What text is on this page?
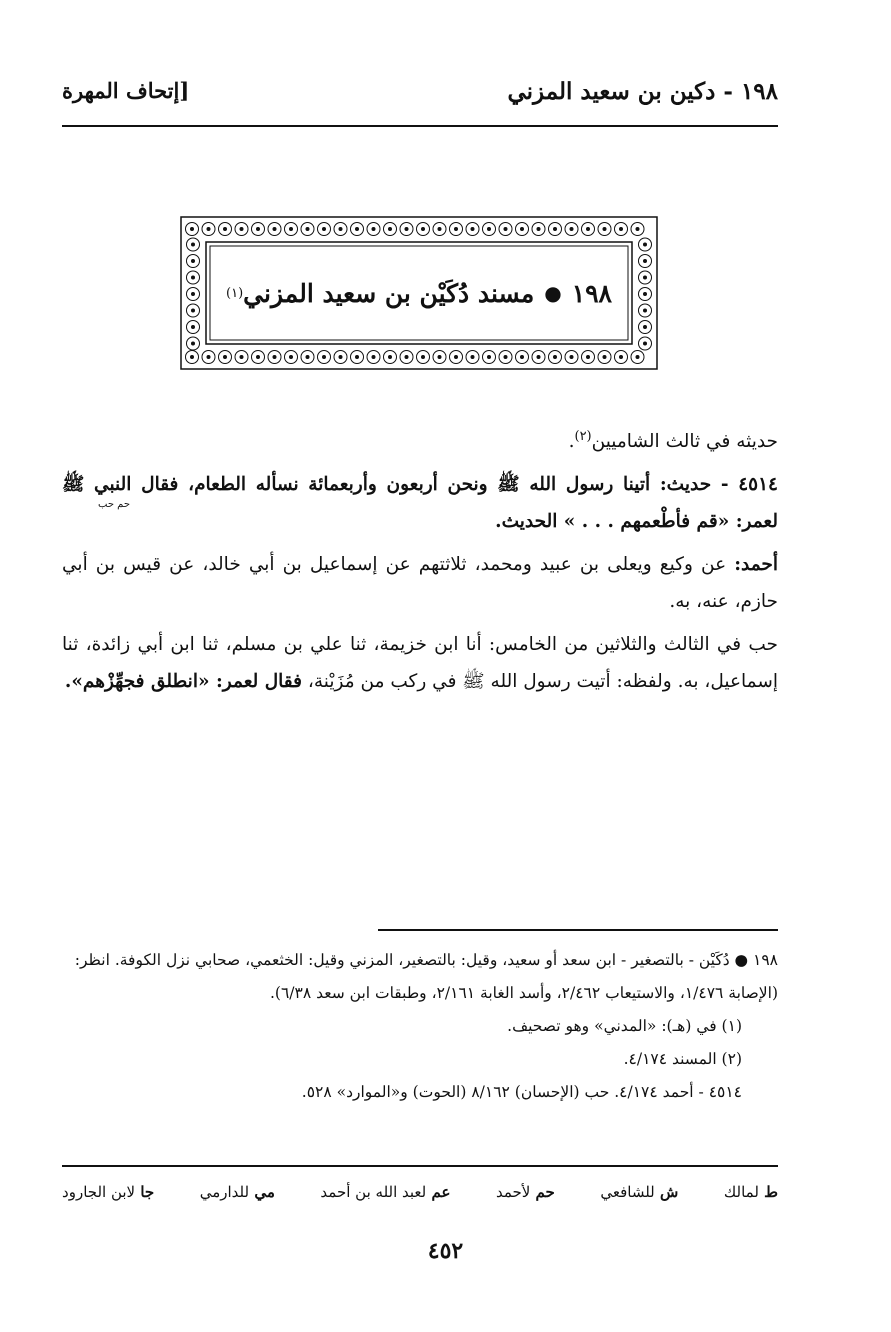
١٩٨ - دكين بن سعيد المزني
[إتحاف المهرة
١٩٨
●
مسند دُكَيْن بن سعيد المزني
(١)
حم حب

حديثه في ثالث الشاميين$^{(٢)}$.

٤٥١٤ - حديث: أتينا رسول الله ﷺ ونحن أربعون وأربعمائة نسأله الطعام، فقال النبي ﷺ لعمر: «قم فأطْعمهم . . . » الحديث.

أحمد: عن وكيع ويعلى بن عبيد ومحمد، ثلاثتهم عن إسماعيل بن أبي خالد، عن قيس بن أبي حازم، عنه، به.

حب في الثالث والثلاثين من الخامس: أنا ابن خزيمة، ثنا علي بن مسلم، ثنا ابن أبي زائدة، ثنا إسماعيل، به. ولفظه: أتيت رسول الله ﷺ في ركب من مُزَيْنة، فقال لعمر: «انطلق فجهِّزْهم».

١٩٨ ● دُكَيْن - بالتصغير - ابن سعد أو سعيد، وقيل: بالتصغير، المزني وقيل: الخثعمي، صحابي نزل الكوفة. انظر: (الإصابة ١/٤٧٦، والاستيعاب ٢/٤٦٢، وأسد الغابة ٢/١٦١، وطبقات ابن سعد ٦/٣٨).
(١) في (هـ): «المدني» وهو تصحيف.
(٢) المسند ٤/١٧٤.
٤٥١٤ - أحمد ٤/١٧٤. حب (الإحسان) ٨/١٦٢ (الحوت) و«الموارد» ٥٢٨.
ط لمالك
ش للشافعي
حم لأحمد
عم لعبد الله بن أحمد
مي للدارمي
جا لابن الجارود
٤٥٢
